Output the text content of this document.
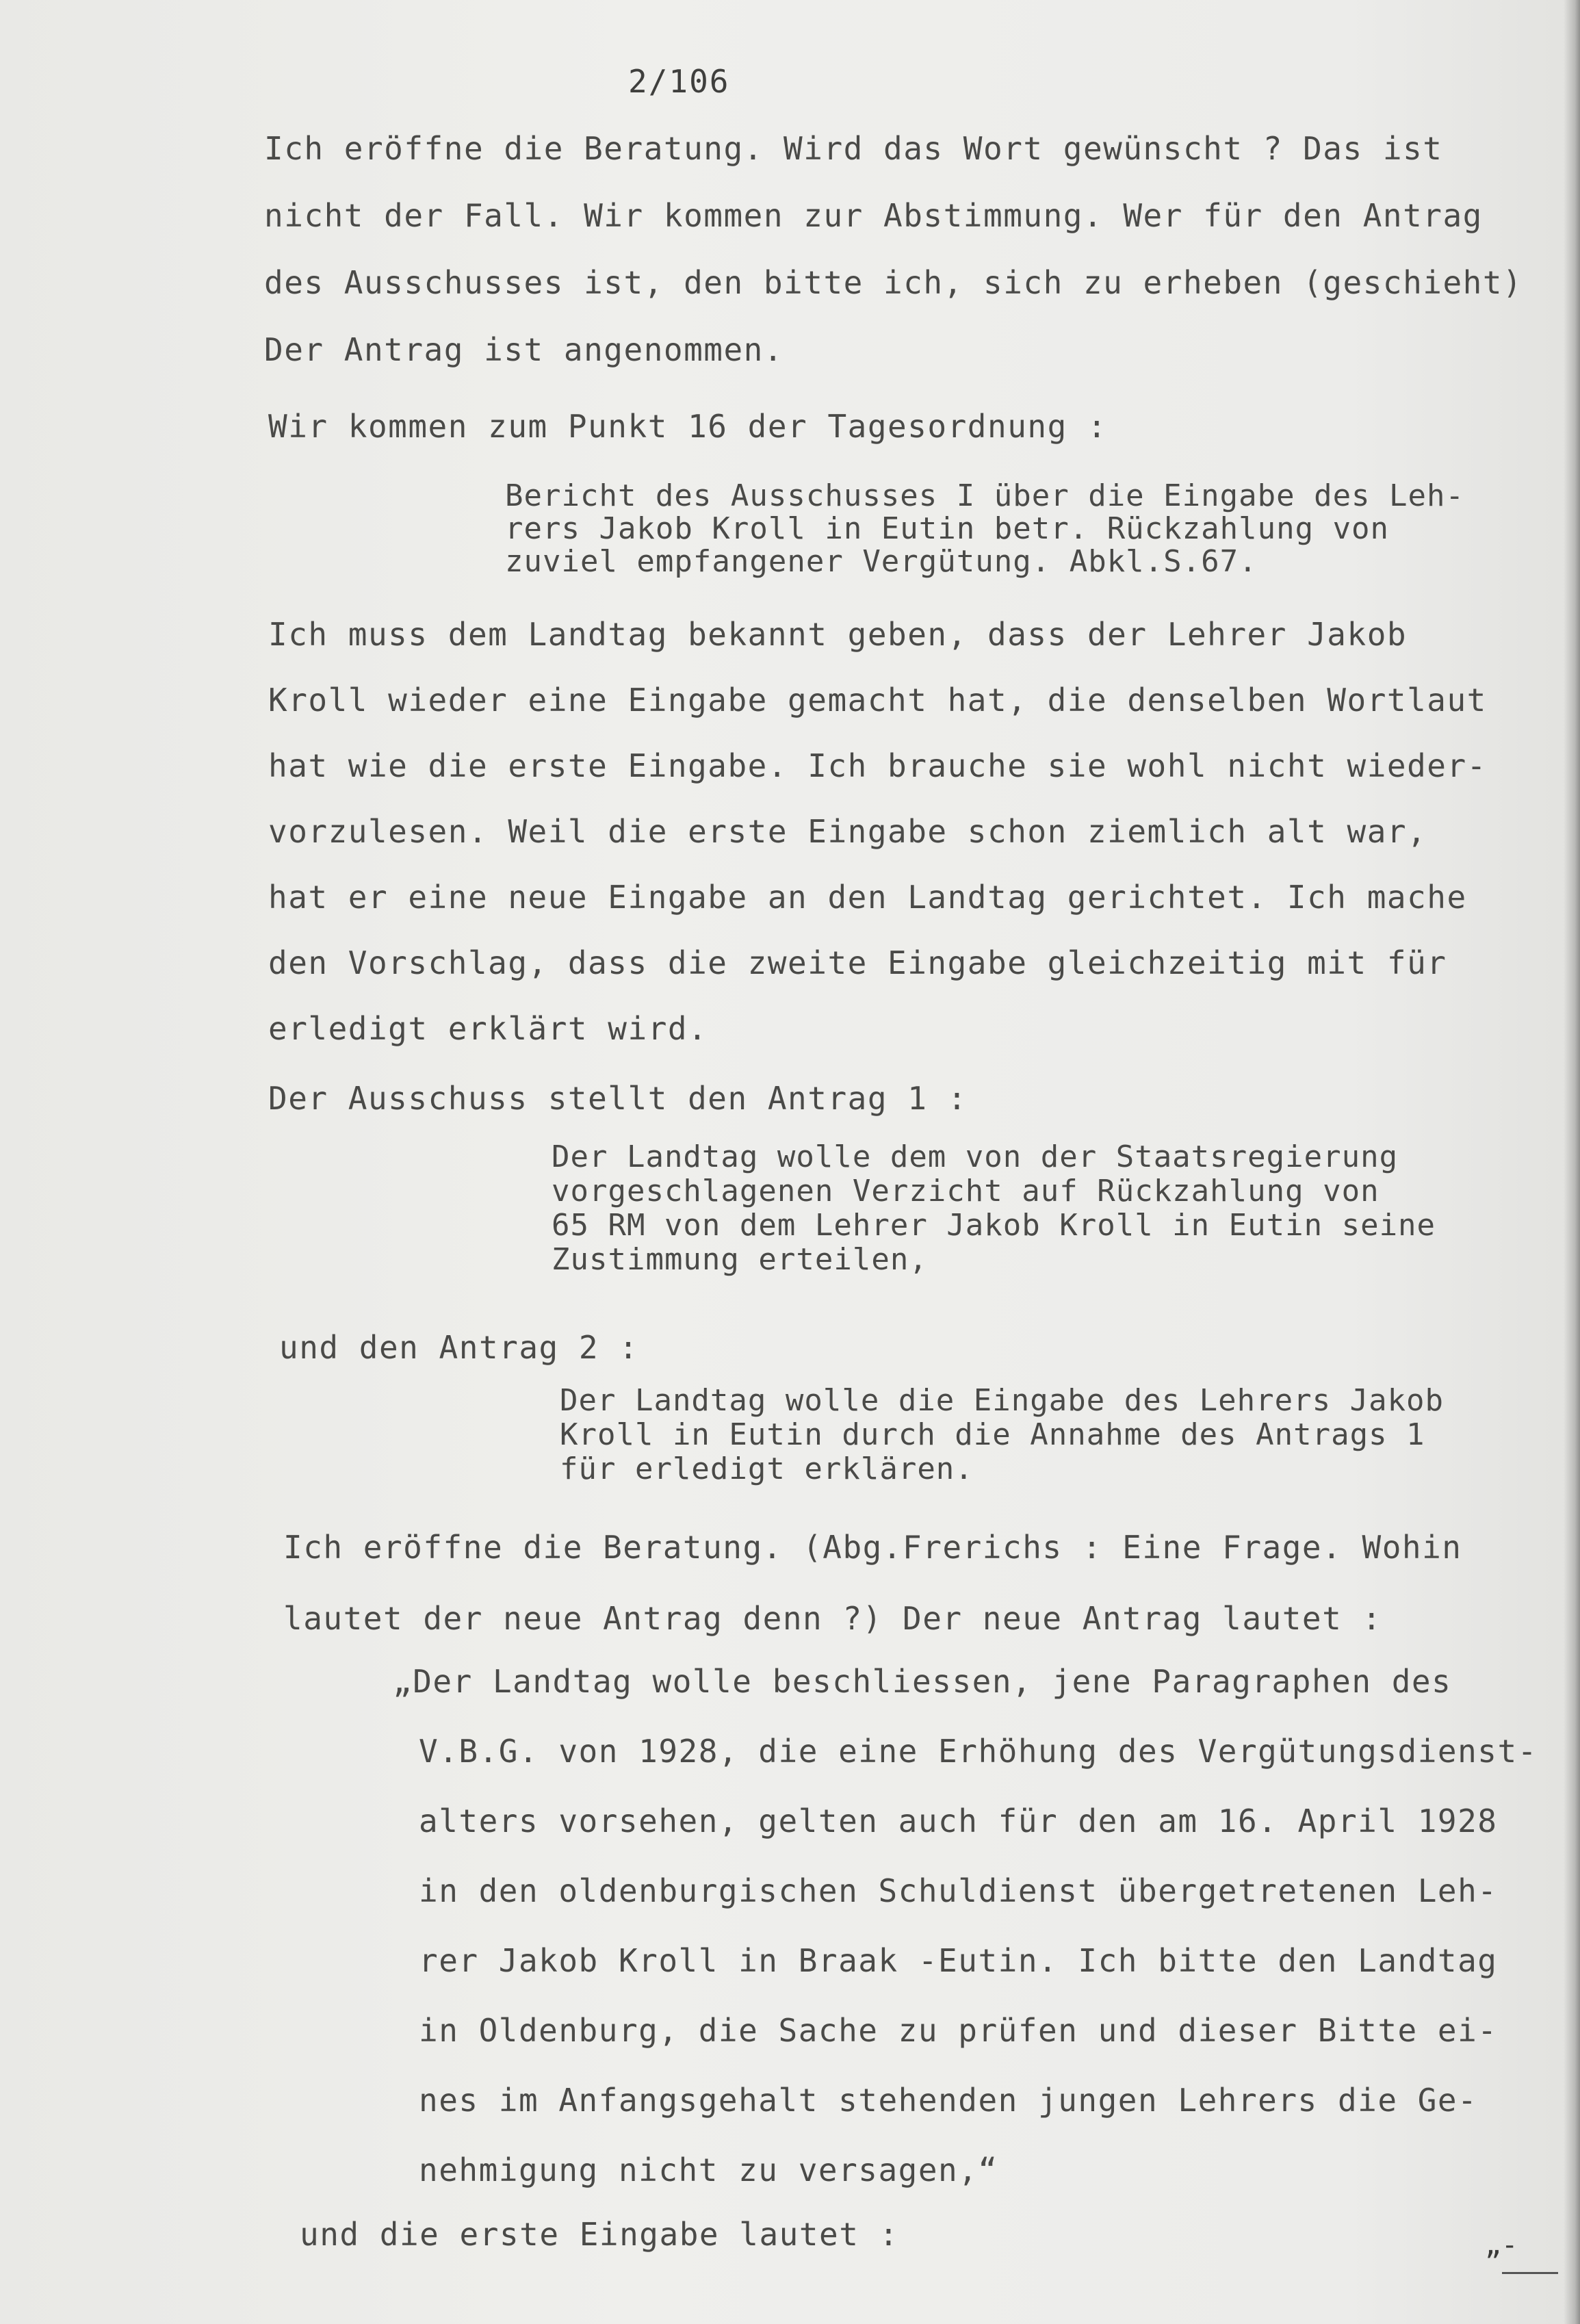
2/106
Ich eröffne die Beratung. Wird das Wort gewünscht ? Das ist
nicht der Fall. Wir kommen zur Abstimmung. Wer für den Antrag
des Ausschusses ist, den bitte ich, sich zu erheben (geschieht)
Der Antrag ist angenommen.
Wir kommen zum Punkt 16 der Tagesordnung :
Bericht des Ausschusses I über die Eingabe des Leh-
rers Jakob Kroll in Eutin betr. Rückzahlung von
zuviel empfangener Vergütung. Abkl.S.67.
Ich muss dem Landtag bekannt geben, dass der Lehrer Jakob
Kroll wieder eine Eingabe gemacht hat, die denselben Wortlaut
hat wie die erste Eingabe. Ich brauche sie wohl nicht wieder-
vorzulesen. Weil die erste Eingabe schon ziemlich alt war,
hat er eine neue Eingabe an den Landtag gerichtet. Ich mache
den Vorschlag, dass die zweite Eingabe gleichzeitig mit für
erledigt erklärt wird.
Der Ausschuss stellt den Antrag 1 :
Der Landtag wolle dem von der Staatsregierung
vorgeschlagenen Verzicht auf Rückzahlung von
65 RM von dem Lehrer Jakob Kroll in Eutin seine
Zustimmung erteilen,
und den Antrag 2 :
Der Landtag wolle die Eingabe des Lehrers Jakob
Kroll in Eutin durch die Annahme des Antrags 1
für erledigt erklären.
Ich eröffne die Beratung. (Abg.Frerichs : Eine Frage. Wohin
lautet der neue Antrag denn ?) Der neue Antrag lautet :
„Der Landtag wolle beschliessen, jene Paragraphen des
V.B.G. von 1928, die eine Erhöhung des Vergütungsdienst-
alters vorsehen, gelten auch für den am 16. April 1928
in den oldenburgischen Schuldienst übergetretenen Leh-
rer Jakob Kroll in Braak -Eutin. Ich bitte den Landtag
in Oldenburg, die Sache zu prüfen und dieser Bitte ei-
nes im Anfangsgehalt stehenden jungen Lehrers die Ge-
nehmigung nicht zu versagen,“
und die erste Eingabe lautet :	„-
